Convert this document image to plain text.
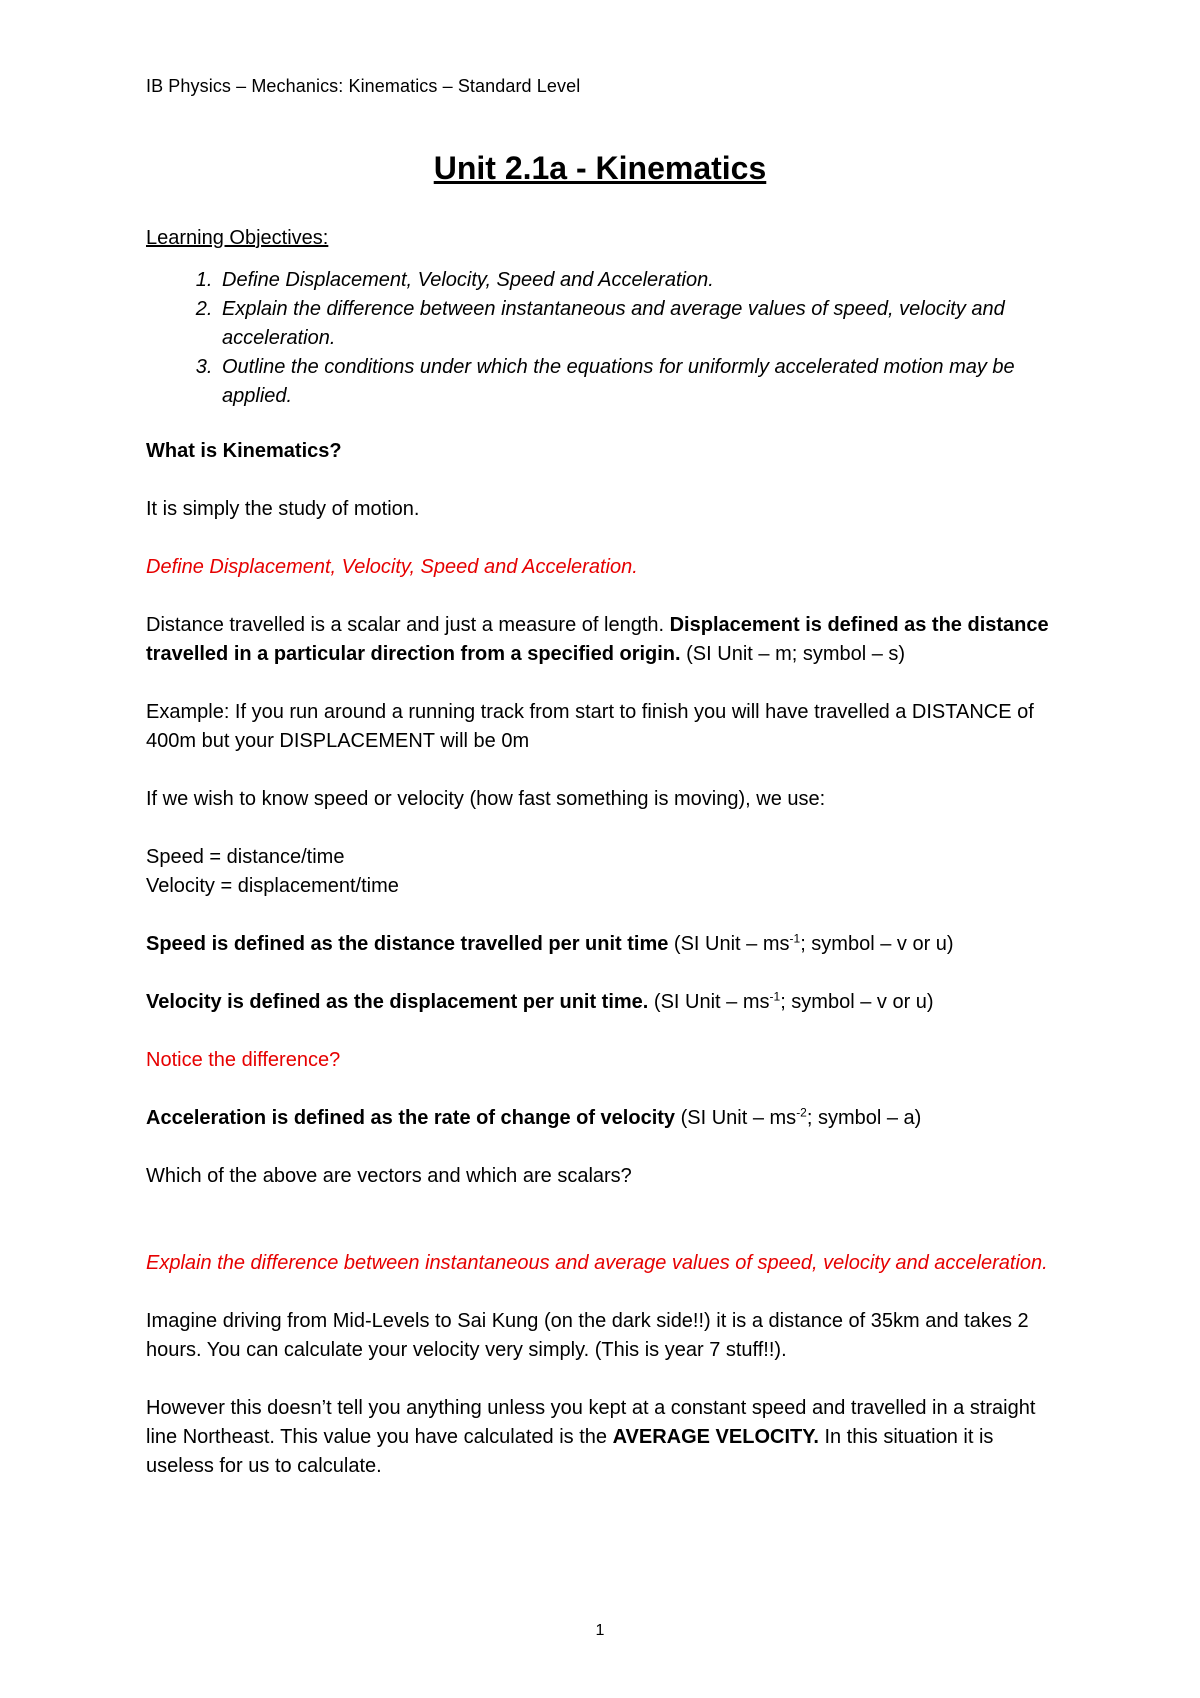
IB Physics – Mechanics: Kinematics – Standard Level
Unit 2.1a - Kinematics
Learning Objectives:
1. Define Displacement, Velocity, Speed and Acceleration.
2. Explain the difference between instantaneous and average values of speed, velocity and acceleration.
3. Outline the conditions under which the equations for uniformly accelerated motion may be applied.

What is Kinematics?

It is simply the study of motion.

Define Displacement, Velocity, Speed and Acceleration.

Distance travelled is a scalar and just a measure of length. Displacement is defined as the distance travelled in a particular direction from a specified origin. (SI Unit – m; symbol – s)

Example: If you run around a running track from start to finish you will have travelled a DISTANCE of 400m but your DISPLACEMENT will be 0m

If we wish to know speed or velocity (how fast something is moving), we use:

Speed = distance/time
Velocity = displacement/time

Speed is defined as the distance travelled per unit time (SI Unit – $ms^{-1}$; symbol – v or u)

Velocity is defined as the displacement per unit time. (SI Unit – $ms^{-1}$; symbol – v or u)

Notice the difference?

Acceleration is defined as the rate of change of velocity (SI Unit – $ms^{-2}$; symbol – a)

Which of the above are vectors and which are scalars?

Explain the difference between instantaneous and average values of speed, velocity and acceleration.

Imagine driving from Mid-Levels to Sai Kung (on the dark side!!) it is a distance of 35km and takes 2 hours. You can calculate your velocity very simply. (This is year 7 stuff!!).

However this doesn’t tell you anything unless you kept at a constant speed and travelled in a straight line Northeast. This value you have calculated is the AVERAGE VELOCITY. In this situation it is useless for us to calculate.

1
